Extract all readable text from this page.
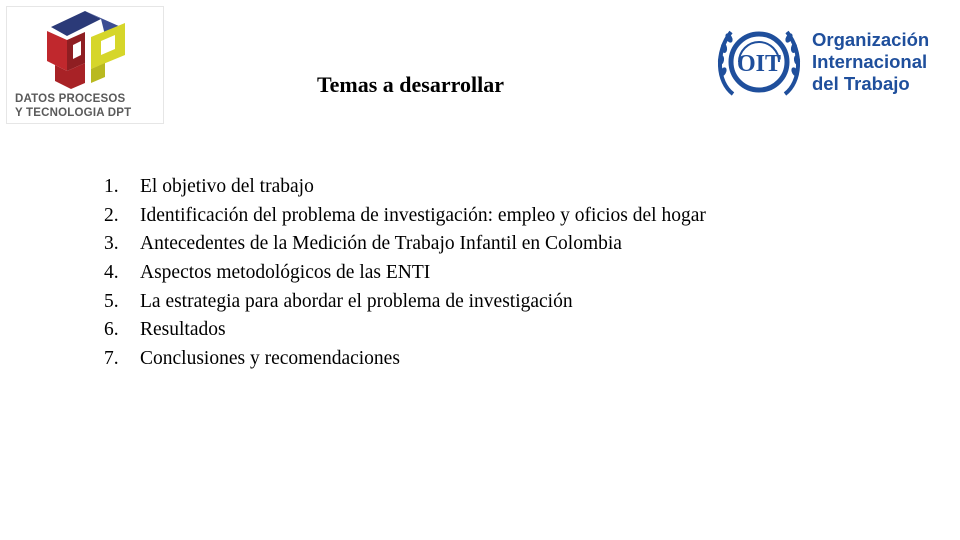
DATOS PROCESOS
Y TECNOLOGIA DPT
OIT
Organización
Internacional
del Trabajo
Temas a desarrollar
1.	El objetivo del trabajo
2.	Identificación del problema de investigación: empleo y oficios del hogar
3.	Antecedentes de la Medición de Trabajo Infantil en Colombia
4.	Aspectos metodológicos de las ENTI
5.	La estrategia para abordar el problema de investigación
6.	Resultados
7.	Conclusiones y recomendaciones
